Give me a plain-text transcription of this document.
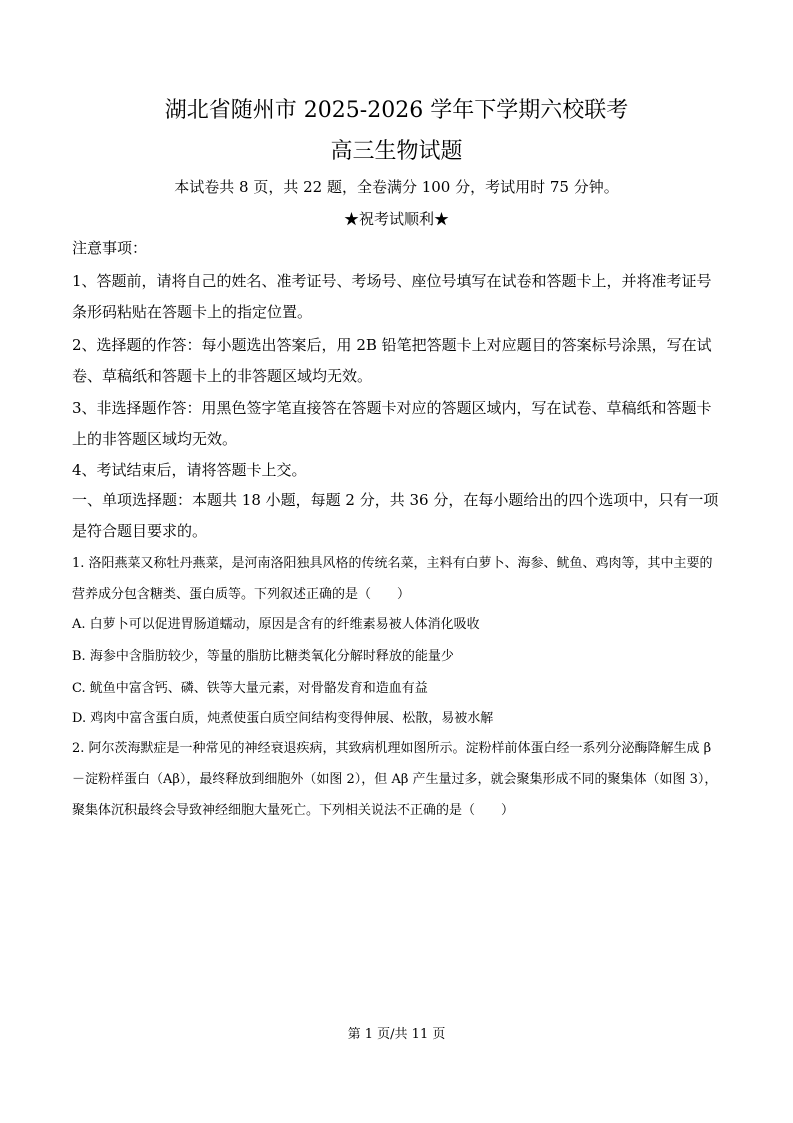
湖北省随州市 2025-2026 学年下学期六校联考
高三生物试题
本试卷共 8 页，共 22 题，全卷满分 100 分，考试用时 75 分钟。
★祝考试顺利★
注意事项：
1、答题前，请将自己的姓名、准考证号、考场号、座位号填写在试卷和答题卡上，并将准考证号条形码粘贴在答题卡上的指定位置。
2、选择题的作答：每小题选出答案后，用 2B 铅笔把答题卡上对应题目的答案标号涂黑，写在试卷、草稿纸和答题卡上的非答题区域均无效。
3、非选择题作答：用黑色签字笔直接答在答题卡对应的答题区域内，写在试卷、草稿纸和答题卡上的非答题区域均无效。
4、考试结束后，请将答题卡上交。
一、单项选择题：本题共 18 小题，每题 2 分，共 36 分，在每小题给出的四个选项中，只有一项是符合题目要求的。
1. 洛阳燕菜又称牡丹燕菜，是河南洛阳独具风格的传统名菜，主料有白萝卜、海参、鱿鱼、鸡肉等，其中主要的营养成分包含糖类、蛋白质等。下列叙述正确的是（　　）
A. 白萝卜可以促进胃肠道蠕动，原因是含有的纤维素易被人体消化吸收
B. 海参中含脂肪较少，等量的脂肪比糖类氧化分解时释放的能量少
C. 鱿鱼中富含钙、磷、铁等大量元素，对骨骼发育和造血有益
D. 鸡肉中富含蛋白质，炖煮使蛋白质空间结构变得伸展、松散，易被水解
2. 阿尔茨海默症是一种常见的神经衰退疾病，其致病机理如图所示。淀粉样前体蛋白经一系列分泌酶降解生成 β－淀粉样蛋白（Aβ），最终释放到细胞外（如图 2），但 Aβ 产生量过多，就会聚集形成不同的聚集体（如图 3），聚集体沉积最终会导致神经细胞大量死亡。下列相关说法不正确的是（　　）
第 1 页/共 11 页
